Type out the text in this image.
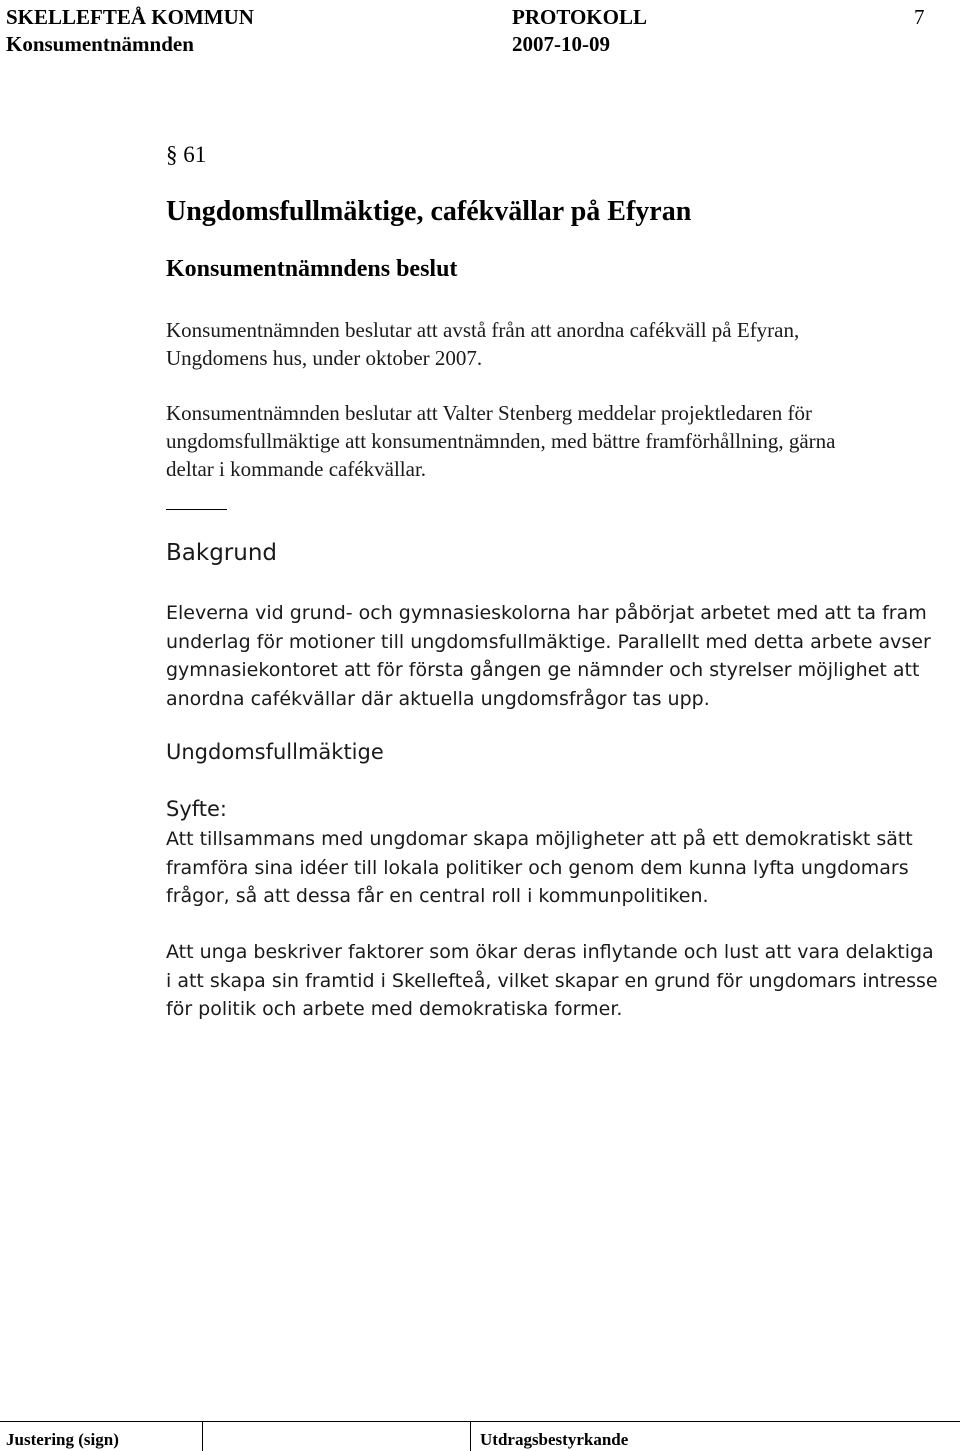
SKELLEFTEÅ KOMMUN	PROTOKOLL	7
Konsumentnämnden	2007-10-09
§ 61
Ungdomsfullmäktige, cafékvällar på Efyran
Konsumentnämndens beslut
Konsumentnämnden beslutar att avstå från att anordna cafékväll på Efyran,
Ungdomens hus, under oktober 2007.
Konsumentnämnden beslutar att Valter Stenberg meddelar projektledaren för
ungdomsfullmäktige att konsumentnämnden, med bättre framförhållning, gärna
deltar i kommande cafékvällar.
Bakgrund
Eleverna vid grund- och gymnasieskolorna har påbörjat arbetet med att ta fram
underlag för motioner till ungdomsfullmäktige. Parallellt med detta arbete avser
gymnasiekontoret att för första gången ge nämnder och styrelser möjlighet att
anordna cafékvällar där aktuella ungdomsfrågor tas upp.
Ungdomsfullmäktige
Syfte:
Att tillsammans med ungdomar skapa möjligheter att på ett demokratiskt sätt
framföra sina idéer till lokala politiker och genom dem kunna lyfta ungdomars
frågor, så att dessa får en central roll i kommunpolitiken.
Att unga beskriver faktorer som ökar deras inflytande och lust att vara delaktiga
i att skapa sin framtid i Skellefteå, vilket skapar en grund för ungdomars intresse
för politik och arbete med demokratiska former.
Justering (sign)	Utdragsbestyrkande
